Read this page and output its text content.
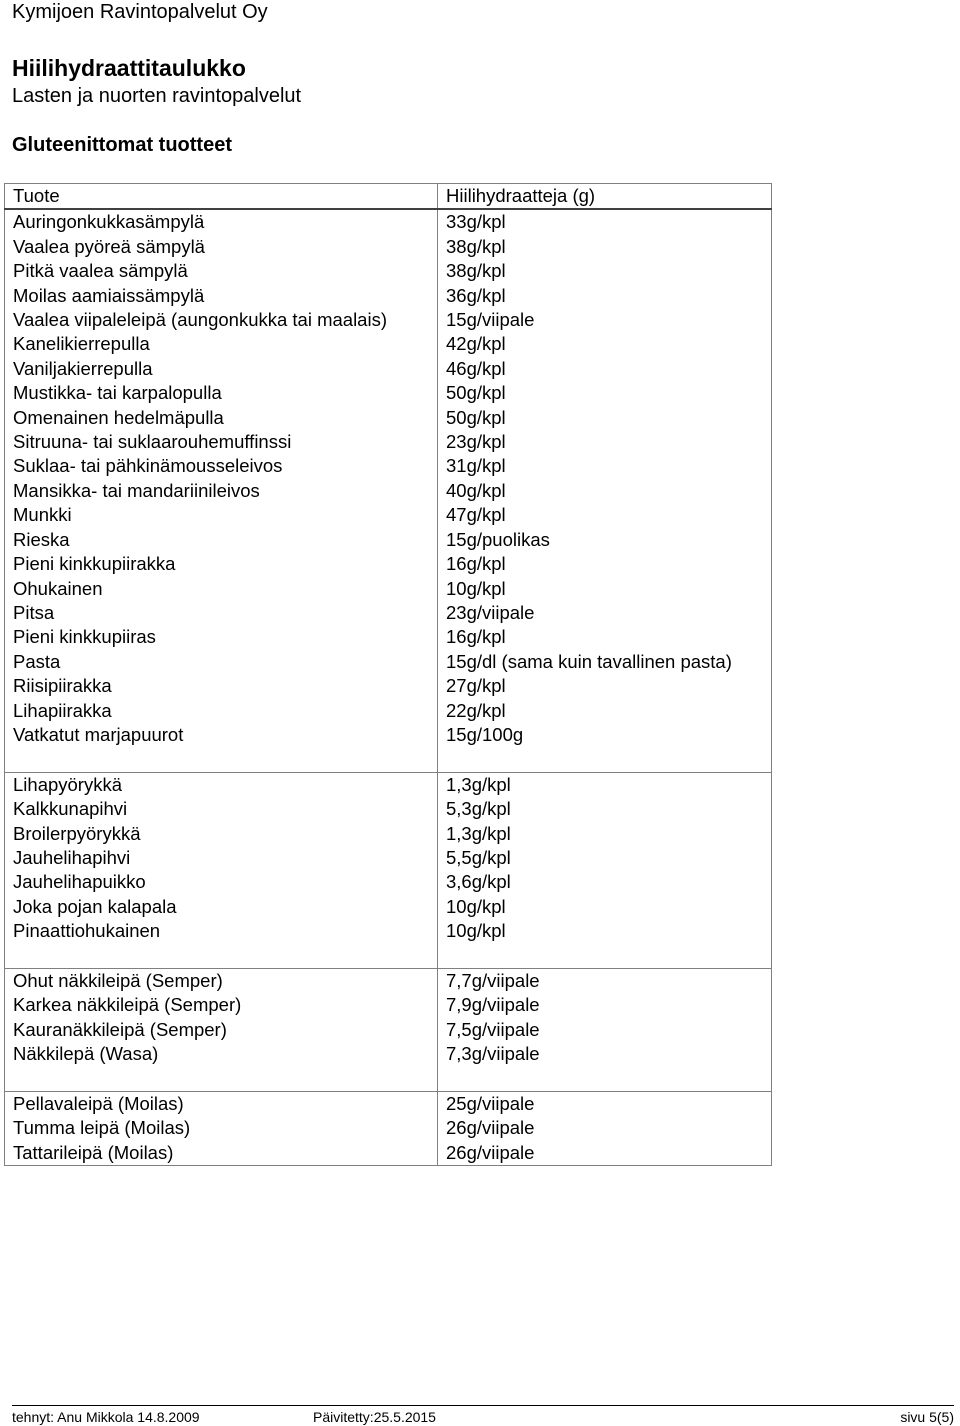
Kymijoen Ravintopalvelut Oy
Hiilihydraattitaulukko
Lasten ja nuorten ravintopalvelut
Gluteenittomat tuotteet
Tuote	Hiilihydraatteja (g)
Auringonkukkasämpylä	33g/kpl
Vaalea pyöreä sämpylä	38g/kpl
Pitkä vaalea sämpylä	38g/kpl
Moilas aamiaissämpylä	36g/kpl
Vaalea viipaleleipä (aungonkukka tai maalais)	15g/viipale
Kanelikierrepulla	42g/kpl
Vaniljakierrepulla	46g/kpl
Mustikka- tai karpalopulla	50g/kpl
Omenainen hedelmäpulla	50g/kpl
Sitruuna- tai suklaarouhemuffinssi	23g/kpl
Suklaa- tai pähkinämousseleivos	31g/kpl
Mansikka- tai mandariinileivos	40g/kpl
Munkki	47g/kpl
Rieska	15g/puolikas
Pieni kinkkupiirakka	16g/kpl
Ohukainen	10g/kpl
Pitsa	23g/viipale
Pieni kinkkupiiras	16g/kpl
Pasta	15g/dl (sama kuin tavallinen pasta)
Riisipiirakka	27g/kpl
Lihapiirakka	22g/kpl
Vatkatut marjapuurot	15g/100g

Lihapyörykkä	1,3g/kpl
Kalkkunapihvi	5,3g/kpl
Broilerpyörykkä	1,3g/kpl
Jauhelihapihvi	5,5g/kpl
Jauhelihapuikko	3,6g/kpl
Joka pojan kalapala	10g/kpl
Pinaattiohukainen	10g/kpl

Ohut näkkileipä (Semper)	7,7g/viipale
Karkea näkkileipä (Semper)	7,9g/viipale
Kauranäkkileipä (Semper)	7,5g/viipale
Näkkilepä (Wasa)	7,3g/viipale

Pellavaleipä (Moilas)	25g/viipale
Tumma leipä (Moilas)	26g/viipale
Tattarileipä (Moilas)	26g/viipale
tehnyt: Anu Mikkola 14.8.2009	Päivitetty:25.5.2015	sivu 5(5)
